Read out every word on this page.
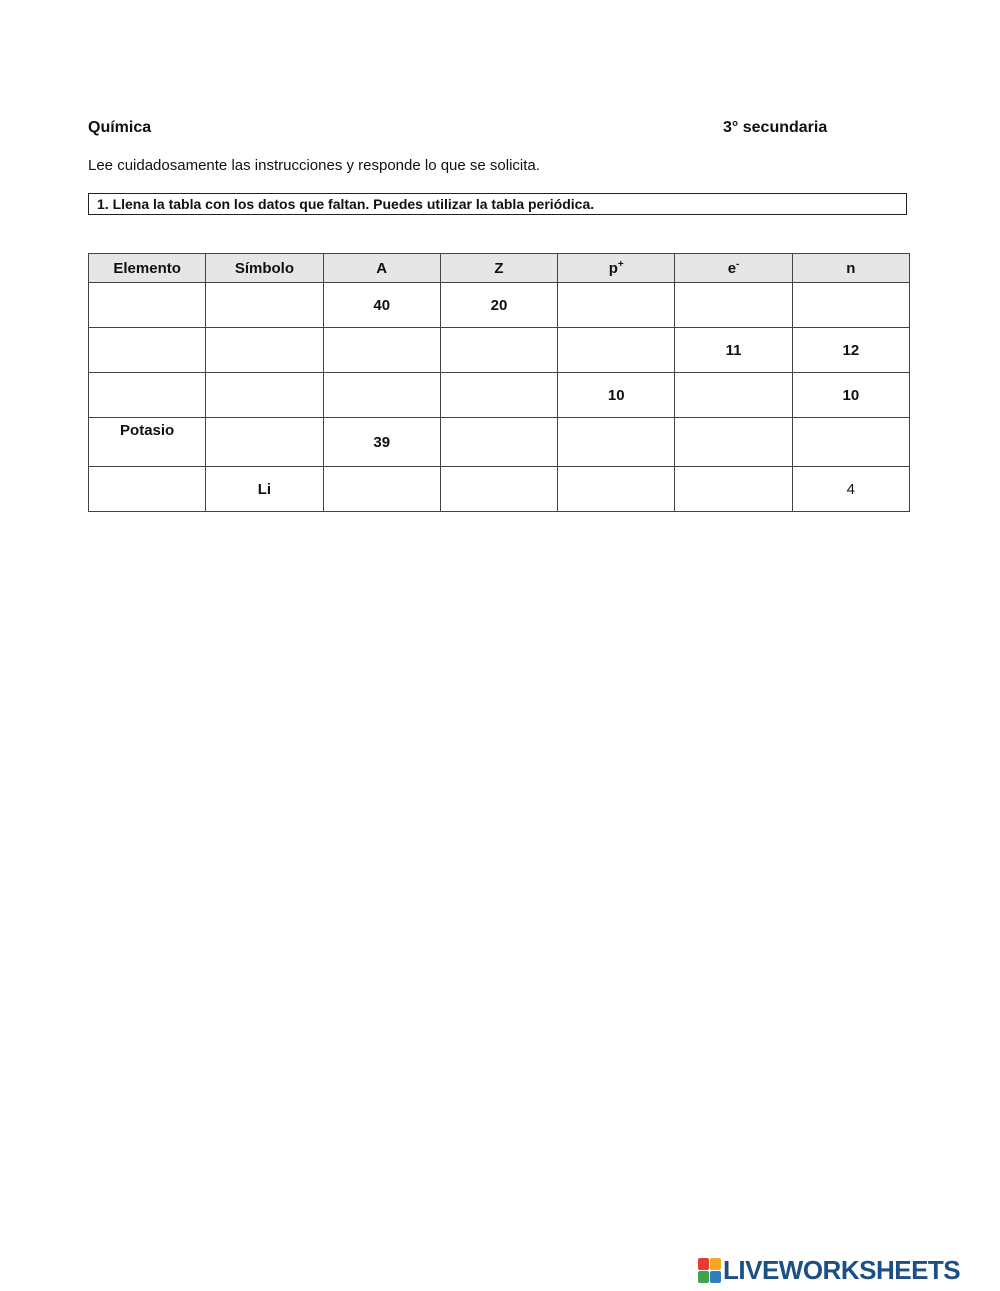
Química	3° secundaria
Lee cuidadosamente las instrucciones y responde lo que se solicita.
1. Llena la tabla con los datos que faltan. Puedes utilizar la tabla periódica.
Elemento	Símbolo	A	Z	p+	e-	n
		40	20			
					11	12
				10		10
Potasio		39				
	Li					4
LIVEWORKSHEETS
